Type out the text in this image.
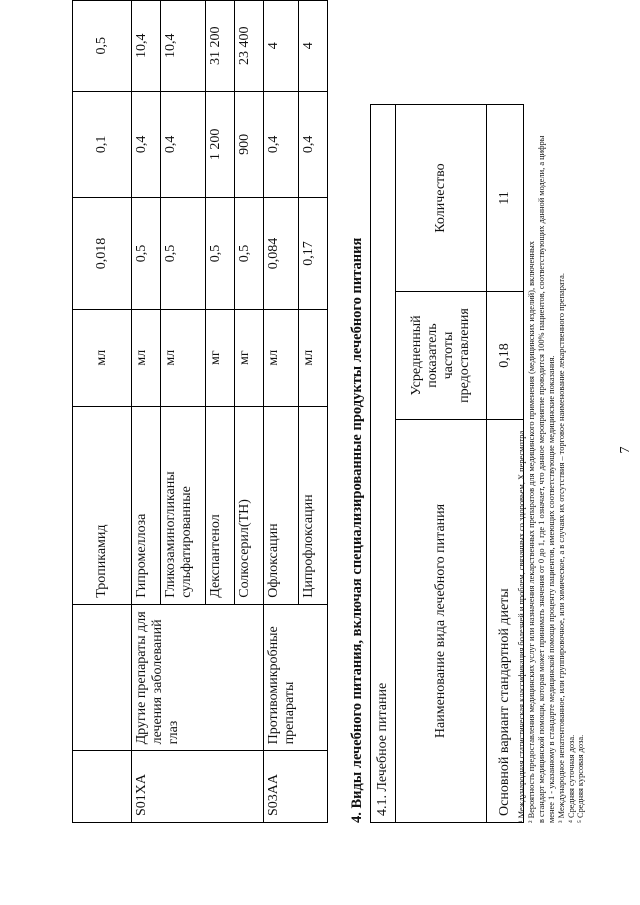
7
		Тропикамид	мл	0,018	0,1	0,5
S01XA	Другие препараты для лечения заболеваний глаз	Гипромеллоза	мл	0,5	0,4	10,4
		Гликозаминогликаны сульфатированные	мл	0,5	0,4	10,4
		Декспантенол	мг	0,5	1 200	31 200
		Солкосерил(TH)	мг	0,5	900	23 400
S03AA	Противомикробные препараты	Офлоксацин	мл	0,084	0,4	4
		Ципрофлоксацин	мл	0,17	0,4	4
4. Виды лечебного питания, включая специализированные продукты лечебного питания 4.1. Лечебное питание		
Наименование вида лечебного питания	Усредненный показатель частоты предоставления	Количество
Основной вариант стандартной диеты	0,18	11
¹ Международная статистическая классификация болезней и проблем, связанных со здоровьем, X пересмотра. ² Вероятность предоставления медицинских услуг или назначения лекарственных препаратов для медицинского применения (медицинских изделий), включенных в стандарт медицинской помощи, которая может принимать значения от 0 до 1, где 1 означает, что данное мероприятие проводится 100% пациентов, соответствующих данной модели, а цифры менее 1 - указанному в стандарте медицинской помощи проценту пациентов, имеющих соответствующие медицинские показания. ³ Международное непатентованное, или группировочное, или химическое, а в случаях их отсутствия – торговое наименование лекарственного препарата. ⁴ Средняя суточная доза. ⁵ Средняя курсовая доза.
